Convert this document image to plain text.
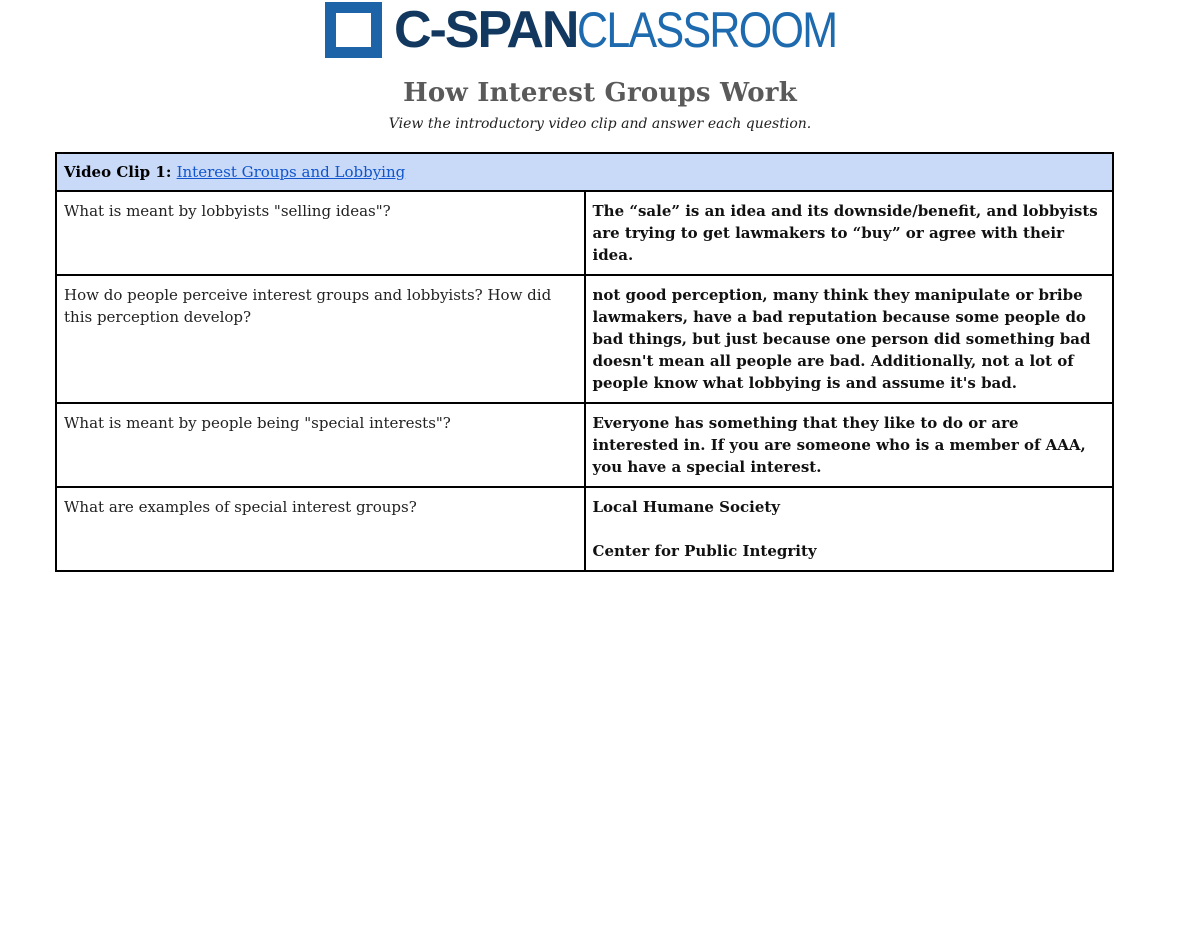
C-SPAN CLASSROOM
How Interest Groups Work
View the introductory video clip and answer each question.
Video Clip 1: Interest Groups and Lobbying	
What is meant by lobbyists "selling ideas"?	The “sale” is an idea and its downside/benefit, and lobbyists are trying to get lawmakers to “buy” or agree with their idea.
How do people perceive interest groups and lobbyists? How did this perception develop?	not good perception, many think they manipulate or bribe lawmakers, have a bad reputation because some people do bad things, but just because one person did something bad doesn't mean all people are bad. Additionally, not a lot of people know what lobbying is and assume it's bad.
What is meant by people being "special interests"?	Everyone has something that they like to do or are interested in. If you are someone who is a member of AAA, you have a special interest.
What are examples of special interest groups?	Local Humane Society
Center for Public Integrity
